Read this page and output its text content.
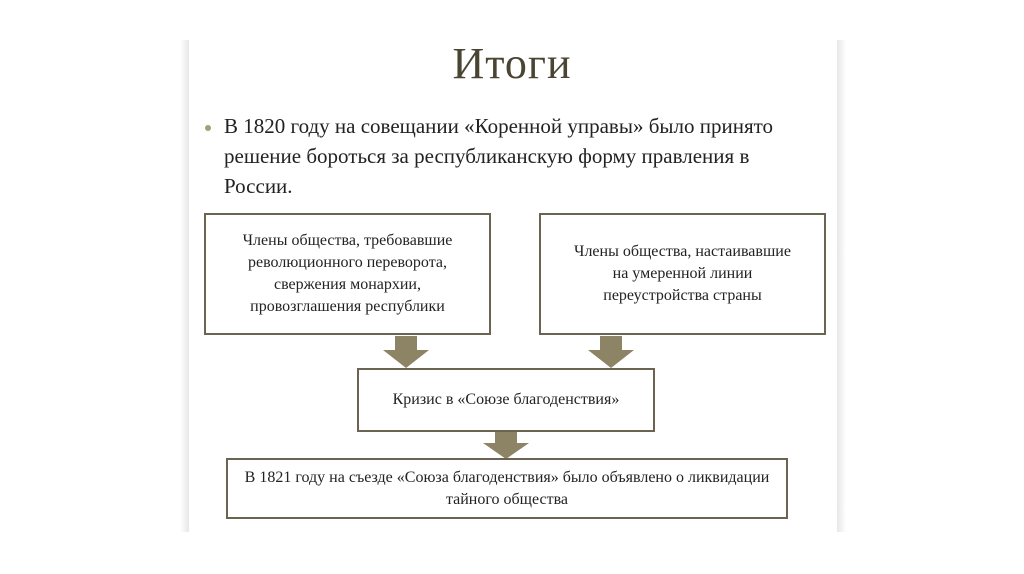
Итоги
В 1820 году на совещании «Коренной управы» было принято решение бороться за республиканскую форму правления в России.
Члены общества, требовавшие революционного переворота, свержения монархии, провозглашения республики
Члены общества, настаивавшие на умеренной линии переустройства страны
Кризис в «Союзе благоденствия»
В 1821 году на съезде «Союза благоденствия» было объявлено о ликвидации тайного общества
